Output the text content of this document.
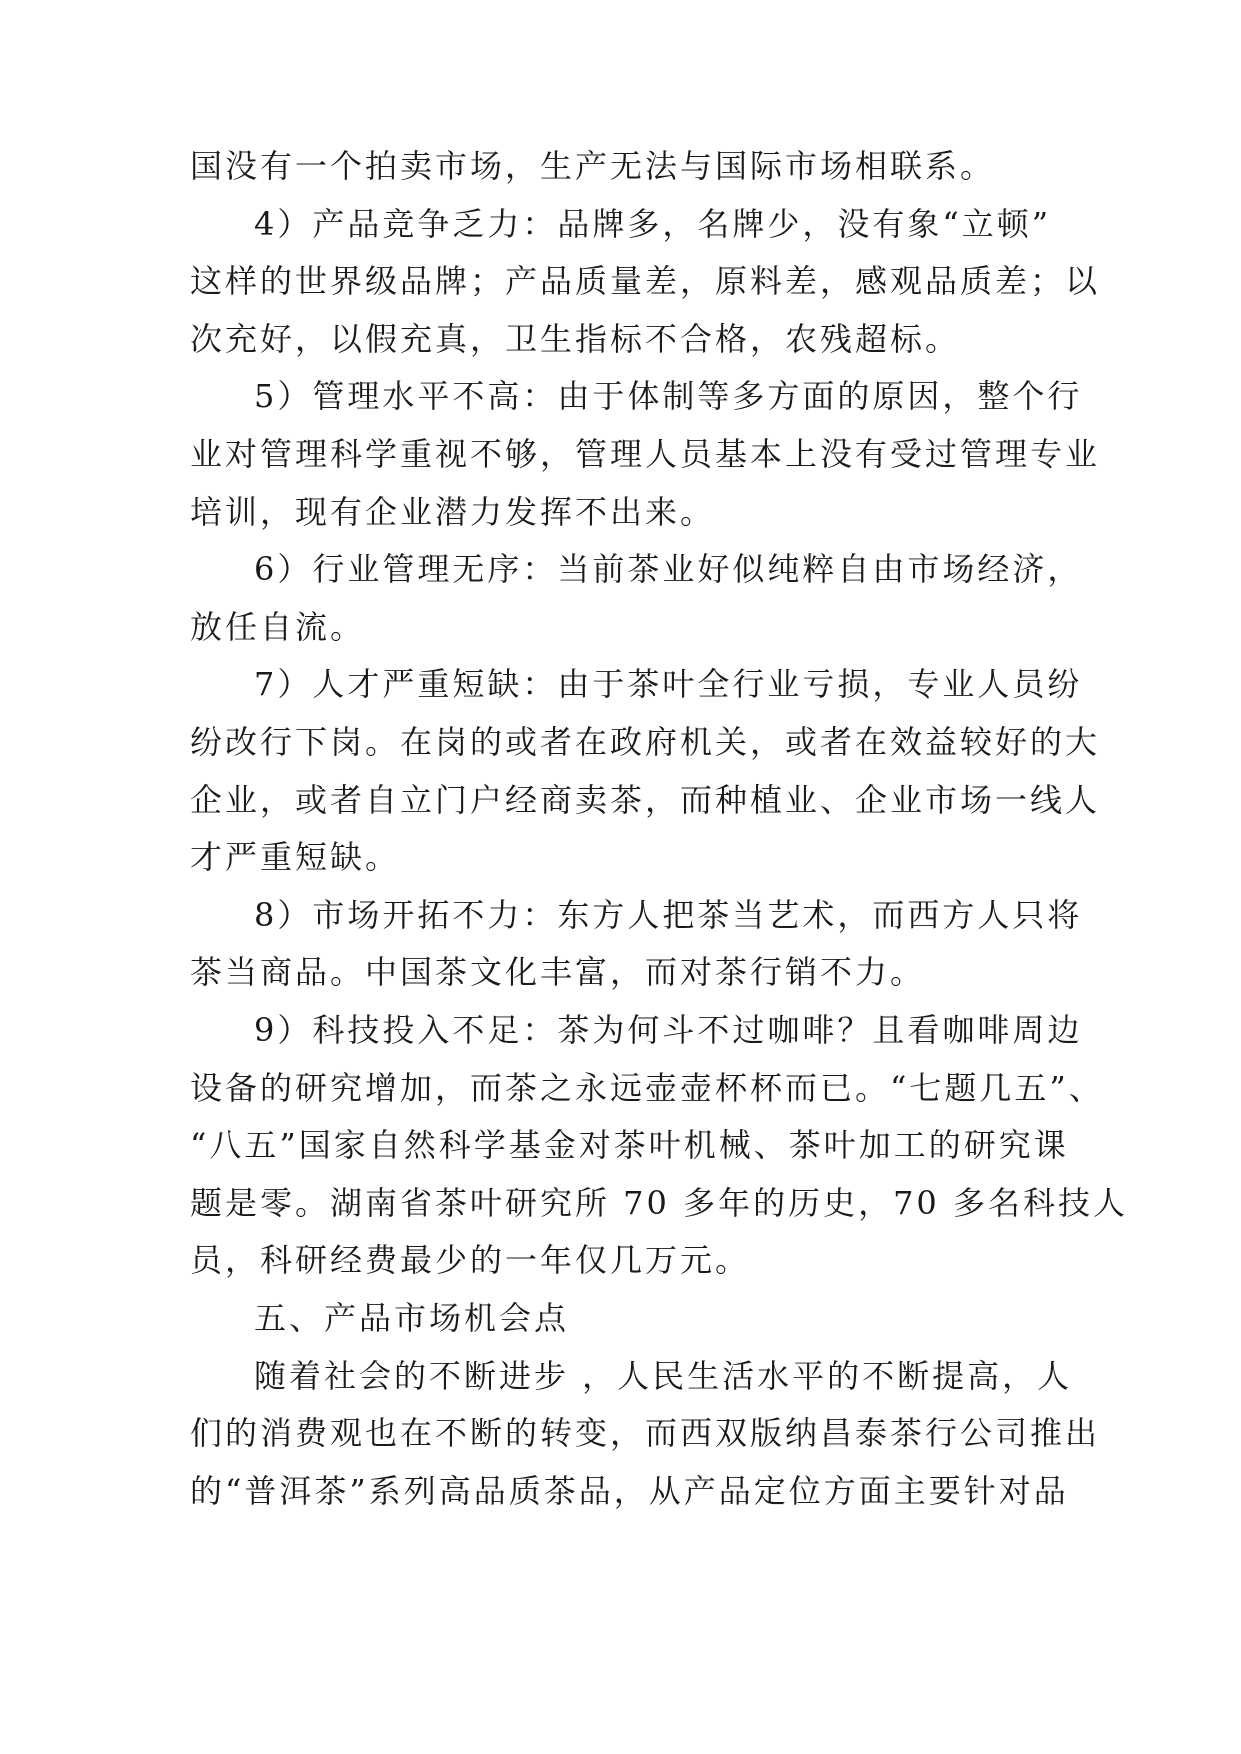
国没有一个拍卖市场，生产无法与国际市场相联系。
4）产品竞争乏力：品牌多，名牌少，没有象“立顿”
这样的世界级品牌；产品质量差，原料差，感观品质差；以
次充好，以假充真，卫生指标不合格，农残超标。
5）管理水平不高：由于体制等多方面的原因，整个行
业对管理科学重视不够，管理人员基本上没有受过管理专业
培训，现有企业潜力发挥不出来。
6）行业管理无序：当前茶业好似纯粹自由市场经济，
放任自流。
7）人才严重短缺：由于茶叶全行业亏损，专业人员纷
纷改行下岗。在岗的或者在政府机关，或者在效益较好的大
企业，或者自立门户经商卖茶，而种植业、企业市场一线人
才严重短缺。
8）市场开拓不力：东方人把茶当艺术，而西方人只将
茶当商品。中国茶文化丰富，而对茶行销不力。
9）科技投入不足：茶为何斗不过咖啡？且看咖啡周边
设备的研究增加，而茶之永远壶壶杯杯而已。“七题几五”、
“八五”国家自然科学基金对茶叶机械、茶叶加工的研究课
题是零。湖南省茶叶研究所 70 多年的历史，70 多名科技人
员，科研经费最少的一年仅几万元。
五、产品市场机会点
随着社会的不断进步 ，人民生活水平的不断提高，人
们的消费观也在不断的转变，而西双版纳昌泰茶行公司推出
的“普洱茶”系列高品质茶品，从产品定位方面主要针对品
